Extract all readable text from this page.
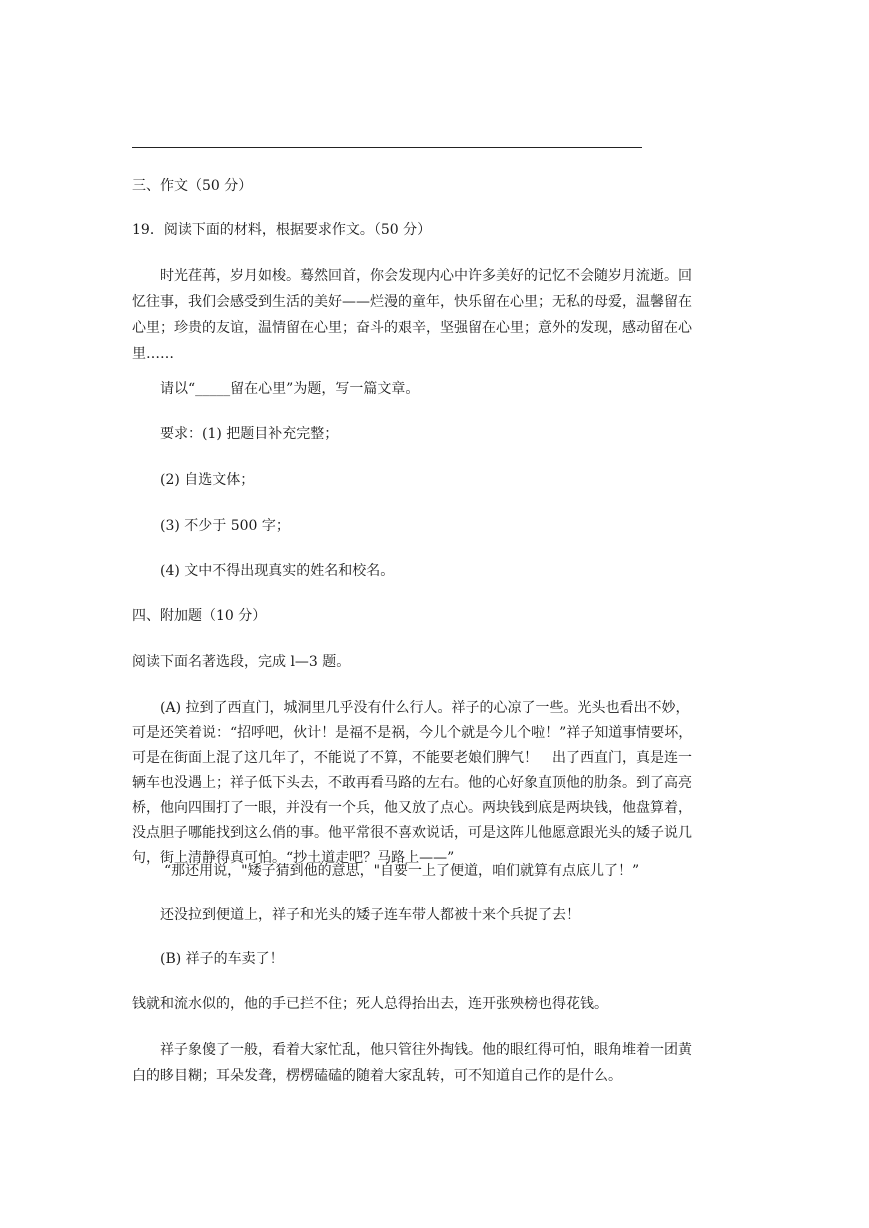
三、作文（50 分）
19．阅读下面的材料，根据要求作文。（50 分）
时光荏苒，岁月如梭。蓦然回首，你会发现内心中许多美好的记忆不会随岁月流逝。回
忆往事，我们会感受到生活的美好——烂漫的童年，快乐留在心里；无私的母爱，温馨留在
心里；珍贵的友谊，温情留在心里；奋斗的艰辛，坚强留在心里；意外的发现，感动留在心
里……
请以“_____留在心里”为题，写一篇文章。
要求：(1) 把题目补充完整；
(2) 自选文体；
(3) 不少于 500 字；
(4) 文中不得出现真实的姓名和校名。
四、附加题（10 分）
阅读下面名著选段，完成 l—3 题。
(A) 拉到了西直门，城洞里几乎没有什么行人。祥子的心凉了一些。光头也看出不妙，
可是还笑着说：“招呼吧，伙计！是福不是祸，今儿个就是今儿个啦！”祥子知道事情要坏，
可是在街面上混了这几年了，不能说了不算，不能要老娘们脾气！　出了西直门，真是连一
辆车也没遇上；祥子低下头去，不敢再看马路的左右。他的心好象直顶他的肋条。到了高亮
桥，他向四围打了一眼，并没有一个兵，他又放了点心。两块钱到底是两块钱，他盘算着，
没点胆子哪能找到这么俏的事。他平常很不喜欢说话，可是这阵儿他愿意跟光头的矮子说几
句，街上清静得真可怕。“抄土道走吧？马路上——”
“那还用说，"矮子猜到他的意思，"自要一上了便道，咱们就算有点底儿了！”
还没拉到便道上，祥子和光头的矮子连车带人都被十来个兵捉了去！
(B) 祥子的车卖了！
钱就和流水似的，他的手已拦不住；死人总得抬出去，连开张殃榜也得花钱。
祥子象傻了一般，看着大家忙乱，他只管往外掏钱。他的眼红得可怕，眼角堆着一团黄
白的眵目糊；耳朵发聋，楞楞磕磕的随着大家乱转，可不知道自己作的是什么。
